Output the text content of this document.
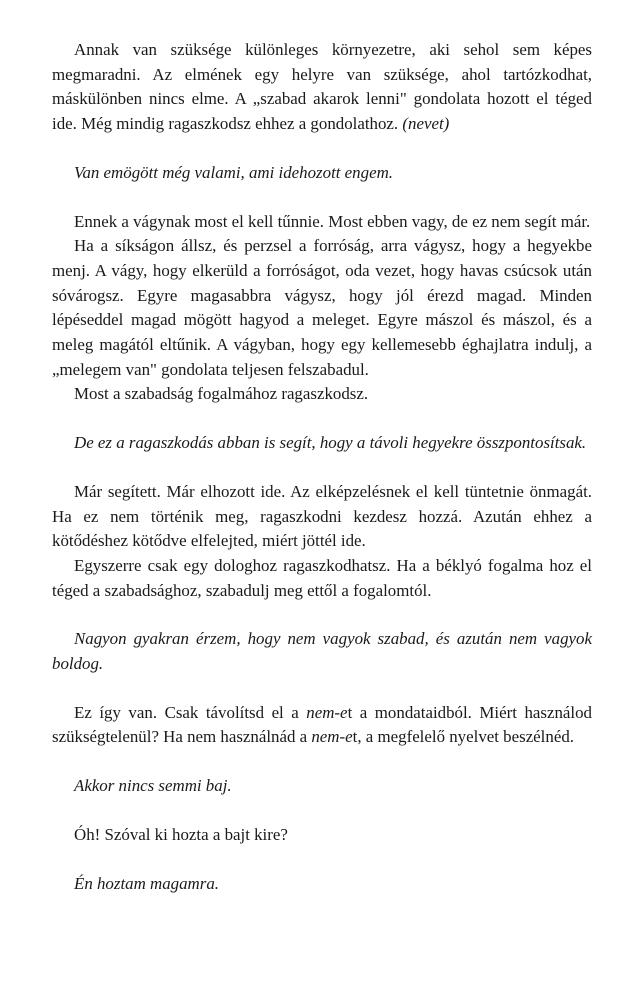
Annak van szüksége különleges környezetre, aki sehol sem képes megmaradni. Az elmének egy helyre van szüksége, ahol tartózkodhat, máskülönben nincs elme. A „szabad akarok lenni" gondolata hozott el téged ide. Még mindig ragaszkodsz ehhez a gondolathoz. (nevet)

Van emögött még valami, ami idehozott engem.

Ennek a vágynak most el kell tűnnie. Most ebben vagy, de ez nem segít már.

Ha a síkságon állsz, és perzsel a forróság, arra vágysz, hogy a hegyekbe menj. A vágy, hogy elkerüld a forróságot, oda vezet, hogy havas csúcsok után sóvárogsz. Egyre magasabbra vágysz, hogy jól érezd magad. Minden lépéseddel magad mögött hagyod a meleget. Egyre mászol és mászol, és a meleg magától eltűnik. A vágyban, hogy egy kellemesebb éghajlatra indulj, a „melegem van" gondolata teljesen felszabadul.

Most a szabadság fogalmához ragaszkodsz.

De ez a ragaszkodás abban is segít, hogy a távoli hegyekre összpontosítsak.

Már segített. Már elhozott ide. Az elképzelésnek el kell tüntetnie önmagát. Ha ez nem történik meg, ragaszkodni kezdesz hozzá. Azután ehhez a kötődéshez kötődve elfelejted, miért jöttél ide.

Egyszerre csak egy dologhoz ragaszkodhatsz. Ha a béklyó fogalma hoz el téged a szabadsághoz, szabadulj meg ettől a fogalomtól.

Nagyon gyakran érzem, hogy nem vagyok szabad, és azután nem vagyok boldog.

Ez így van. Csak távolítsd el a nem-et a mondataidból. Miért használod szükségtelenül? Ha nem használnád a nem-et, a megfelelő nyelvet beszélnéd.

Akkor nincs semmi baj.

Óh! Szóval ki hozta a bajt kire?

Én hoztam magamra.
